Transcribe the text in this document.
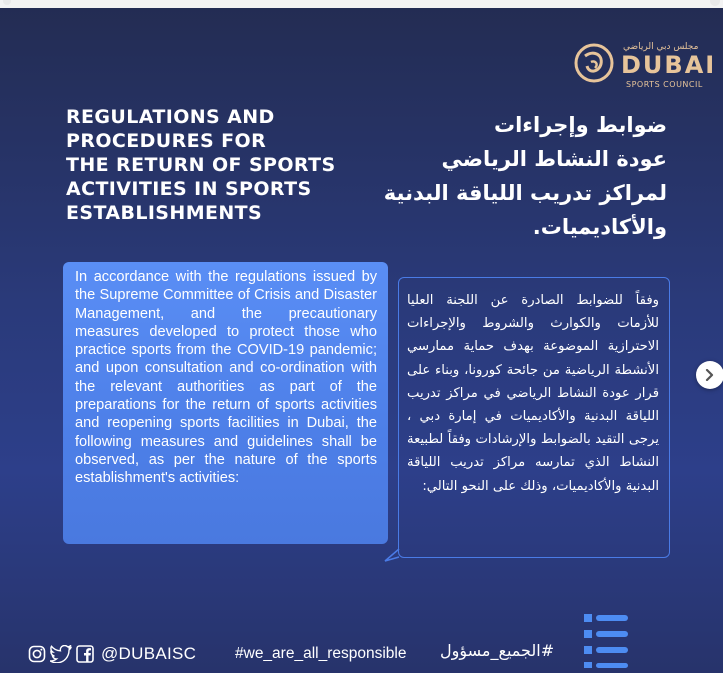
مجلس دبي الرياضي
DUBAI
SPORTS COUNCIL
REGULATIONS AND
PROCEDURES FOR
THE RETURN OF SPORTS
ACTIVITIES IN SPORTS
ESTABLISHMENTS
ضوابط وإجراءات
عودة النشاط الرياضي
لمراكز تدريب اللياقة البدنية
والأكاديميات.

In accordance with the regulations issued by the Supreme Committee of Crisis and Disaster Management, and the precautionary measures developed to protect those who practice sports from the COVID-19 pandemic; and upon consultation and co-ordination with the relevant authorities as part of the preparations for the return of sports activities and reopening sports facilities in Dubai, the following measures and guidelines shall be observed, as per the nature of the sports establishment's activities:

وفقاً للضوابط الصادرة عن اللجنة العليا للأزمات والكوارث والشروط والإجراءات الاحترازية الموضوعة بهدف حماية ممارسي الأنشطة الرياضية من جائحة كورونا، وبناء على قرار عودة النشاط الرياضي في مراكز تدريب اللياقة البدنية والأكاديميات في إمارة دبي ، يرجى التقيد بالضوابط والإرشادات وفقاً لطبيعة النشاط الذي تمارسه مراكز تدريب اللياقة البدنية والأكاديميات، وذلك على النحو التالي:

@DUBAISC	#we_are_all_responsible #الجميع_مسؤول
